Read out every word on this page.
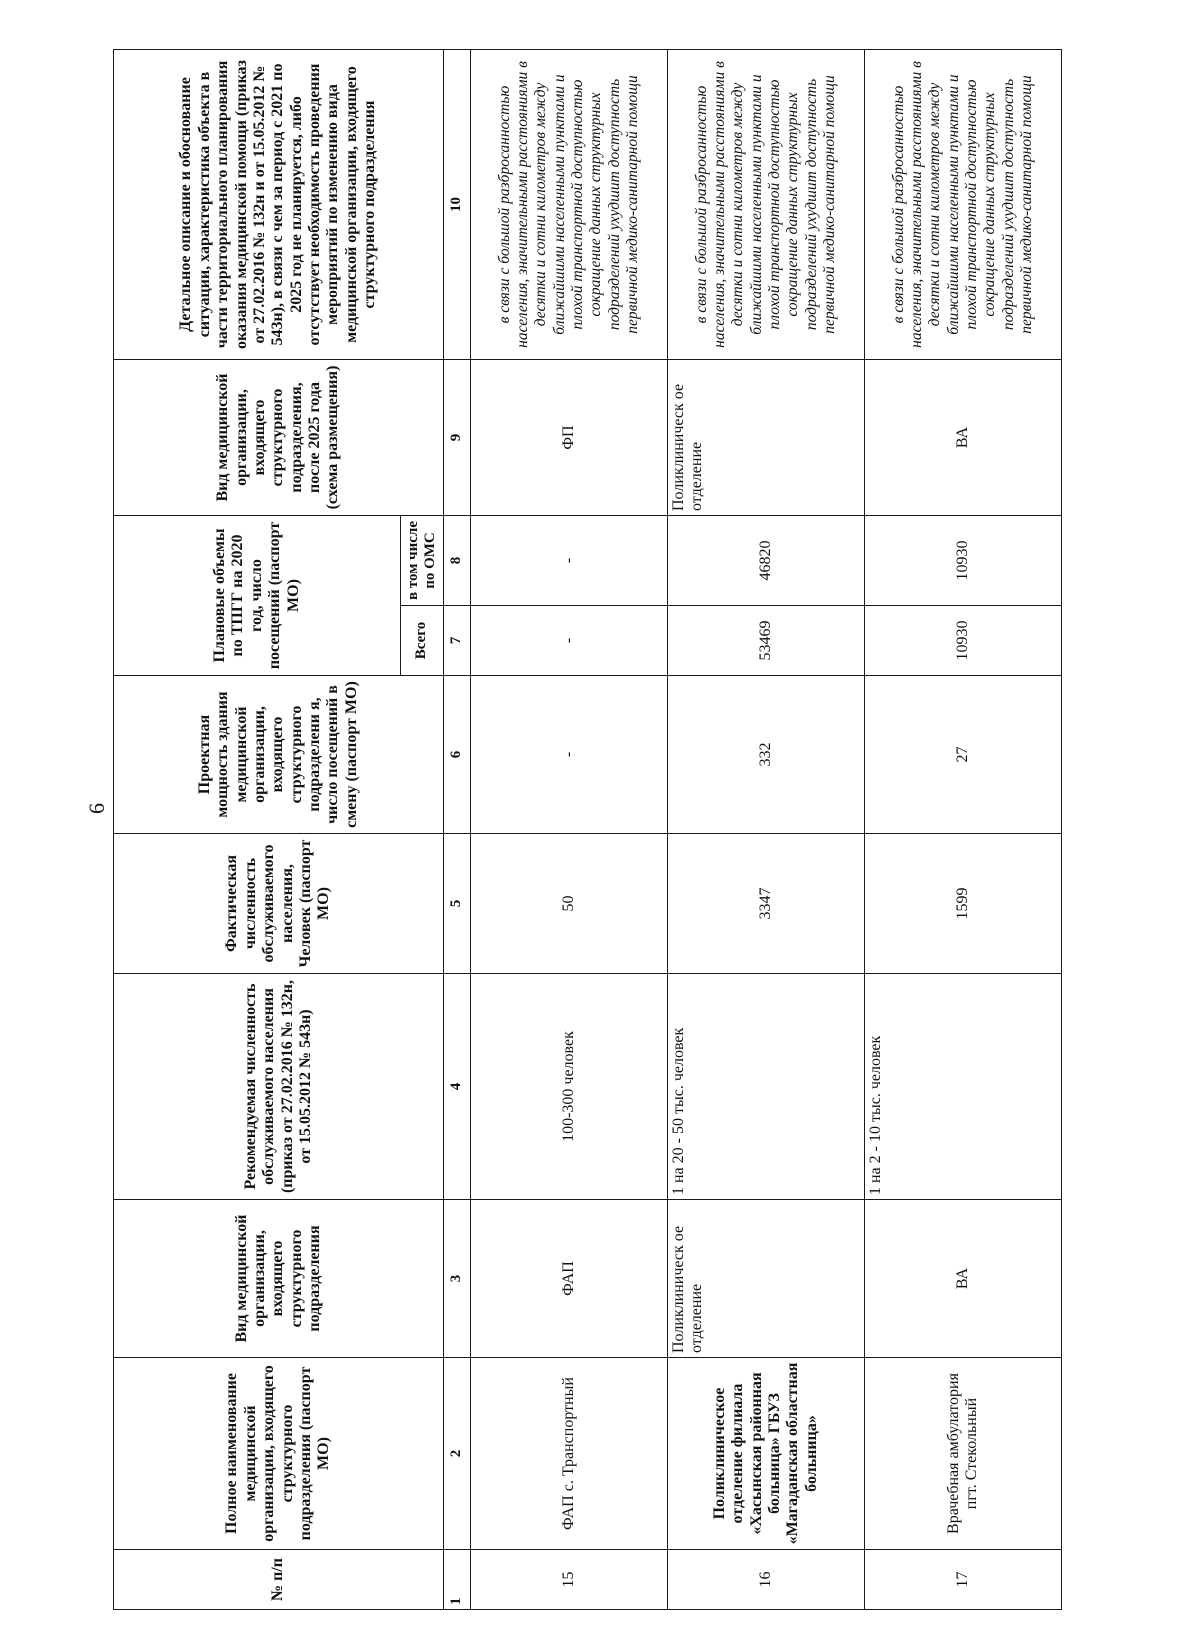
6
№ п/п	Полное наименование медицинской организации, входящего структурного подразделения (паспорт МО)	Вид медицинской организации, входящего структурного подразделения	Рекомендуемая численность обслуживаемого населения (приказ от 27.02.2016 № 132н, от 15.05.2012 № 543н)	Фактическая численность обслуживаемого населения, Человек (паспорт МО)	Проектная мощность здания медицинской организации, входящего структурного подразделени я, число посещений в смену (паспорт МО)	Плановые объемы по ТПГГ на 2020 год, число посещений (паспорт МО)		Вид медицинской организации, входящего структурного подразделения, после 2025 года (схема размещения)	Детальное описание и обоснование ситуации, характеристика объекта в части территориального планирования оказания медицинской помощи (приказ от 27.02.2016 № 132н и от 15.05.2012 № 543н), в связи с чем за период с 2021 по 2025 год не планируется, либо отсутствует необходимость проведения мероприятий по изменению вида медицинской организации, входящего структурного подразделения
						Всего	в том числе по ОМС		
1	2	3	4	5	6	7	8	9	10
15	ФАП с. Транспортный	ФАП	100-300 человек	50	-	-	-	ФП	в связи с большой разбросанностью населения, значительными расстояниями в десятки и сотни километров между ближайшими населенными пунктами и плохой транспортной доступностью сокращение данных структурных подразделений ухудшит доступность первичной медико-санитарной помощи
16	Поликлиническое отделение филиала «Хасынская районная больница» ГБУЗ «Магаданская областная больница»	Поликлиническ ое отделение	1 на 20 - 50 тыс. человек	3347	332	53469	46820	Поликлиническ ое отделение	в связи с большой разбросанностью населения, значительными расстояниями в десятки и сотни километров между ближайшими населенными пунктами и плохой транспортной доступностью сокращение данных структурных подразделений ухудшит доступность первичной медико-санитарной помощи
17	Врачебная амбулатория пгт. Стекольный	ВА	1 на 2 - 10 тыс. человек	1599	27	10930	10930	ВА	в связи с большой разбросанностью населения, значительными расстояниями в десятки и сотни километров между ближайшими населенными пунктами и плохой транспортной доступностью сокращение данных структурных подразделений ухудшит доступность первичной медико-санитарной помощи
